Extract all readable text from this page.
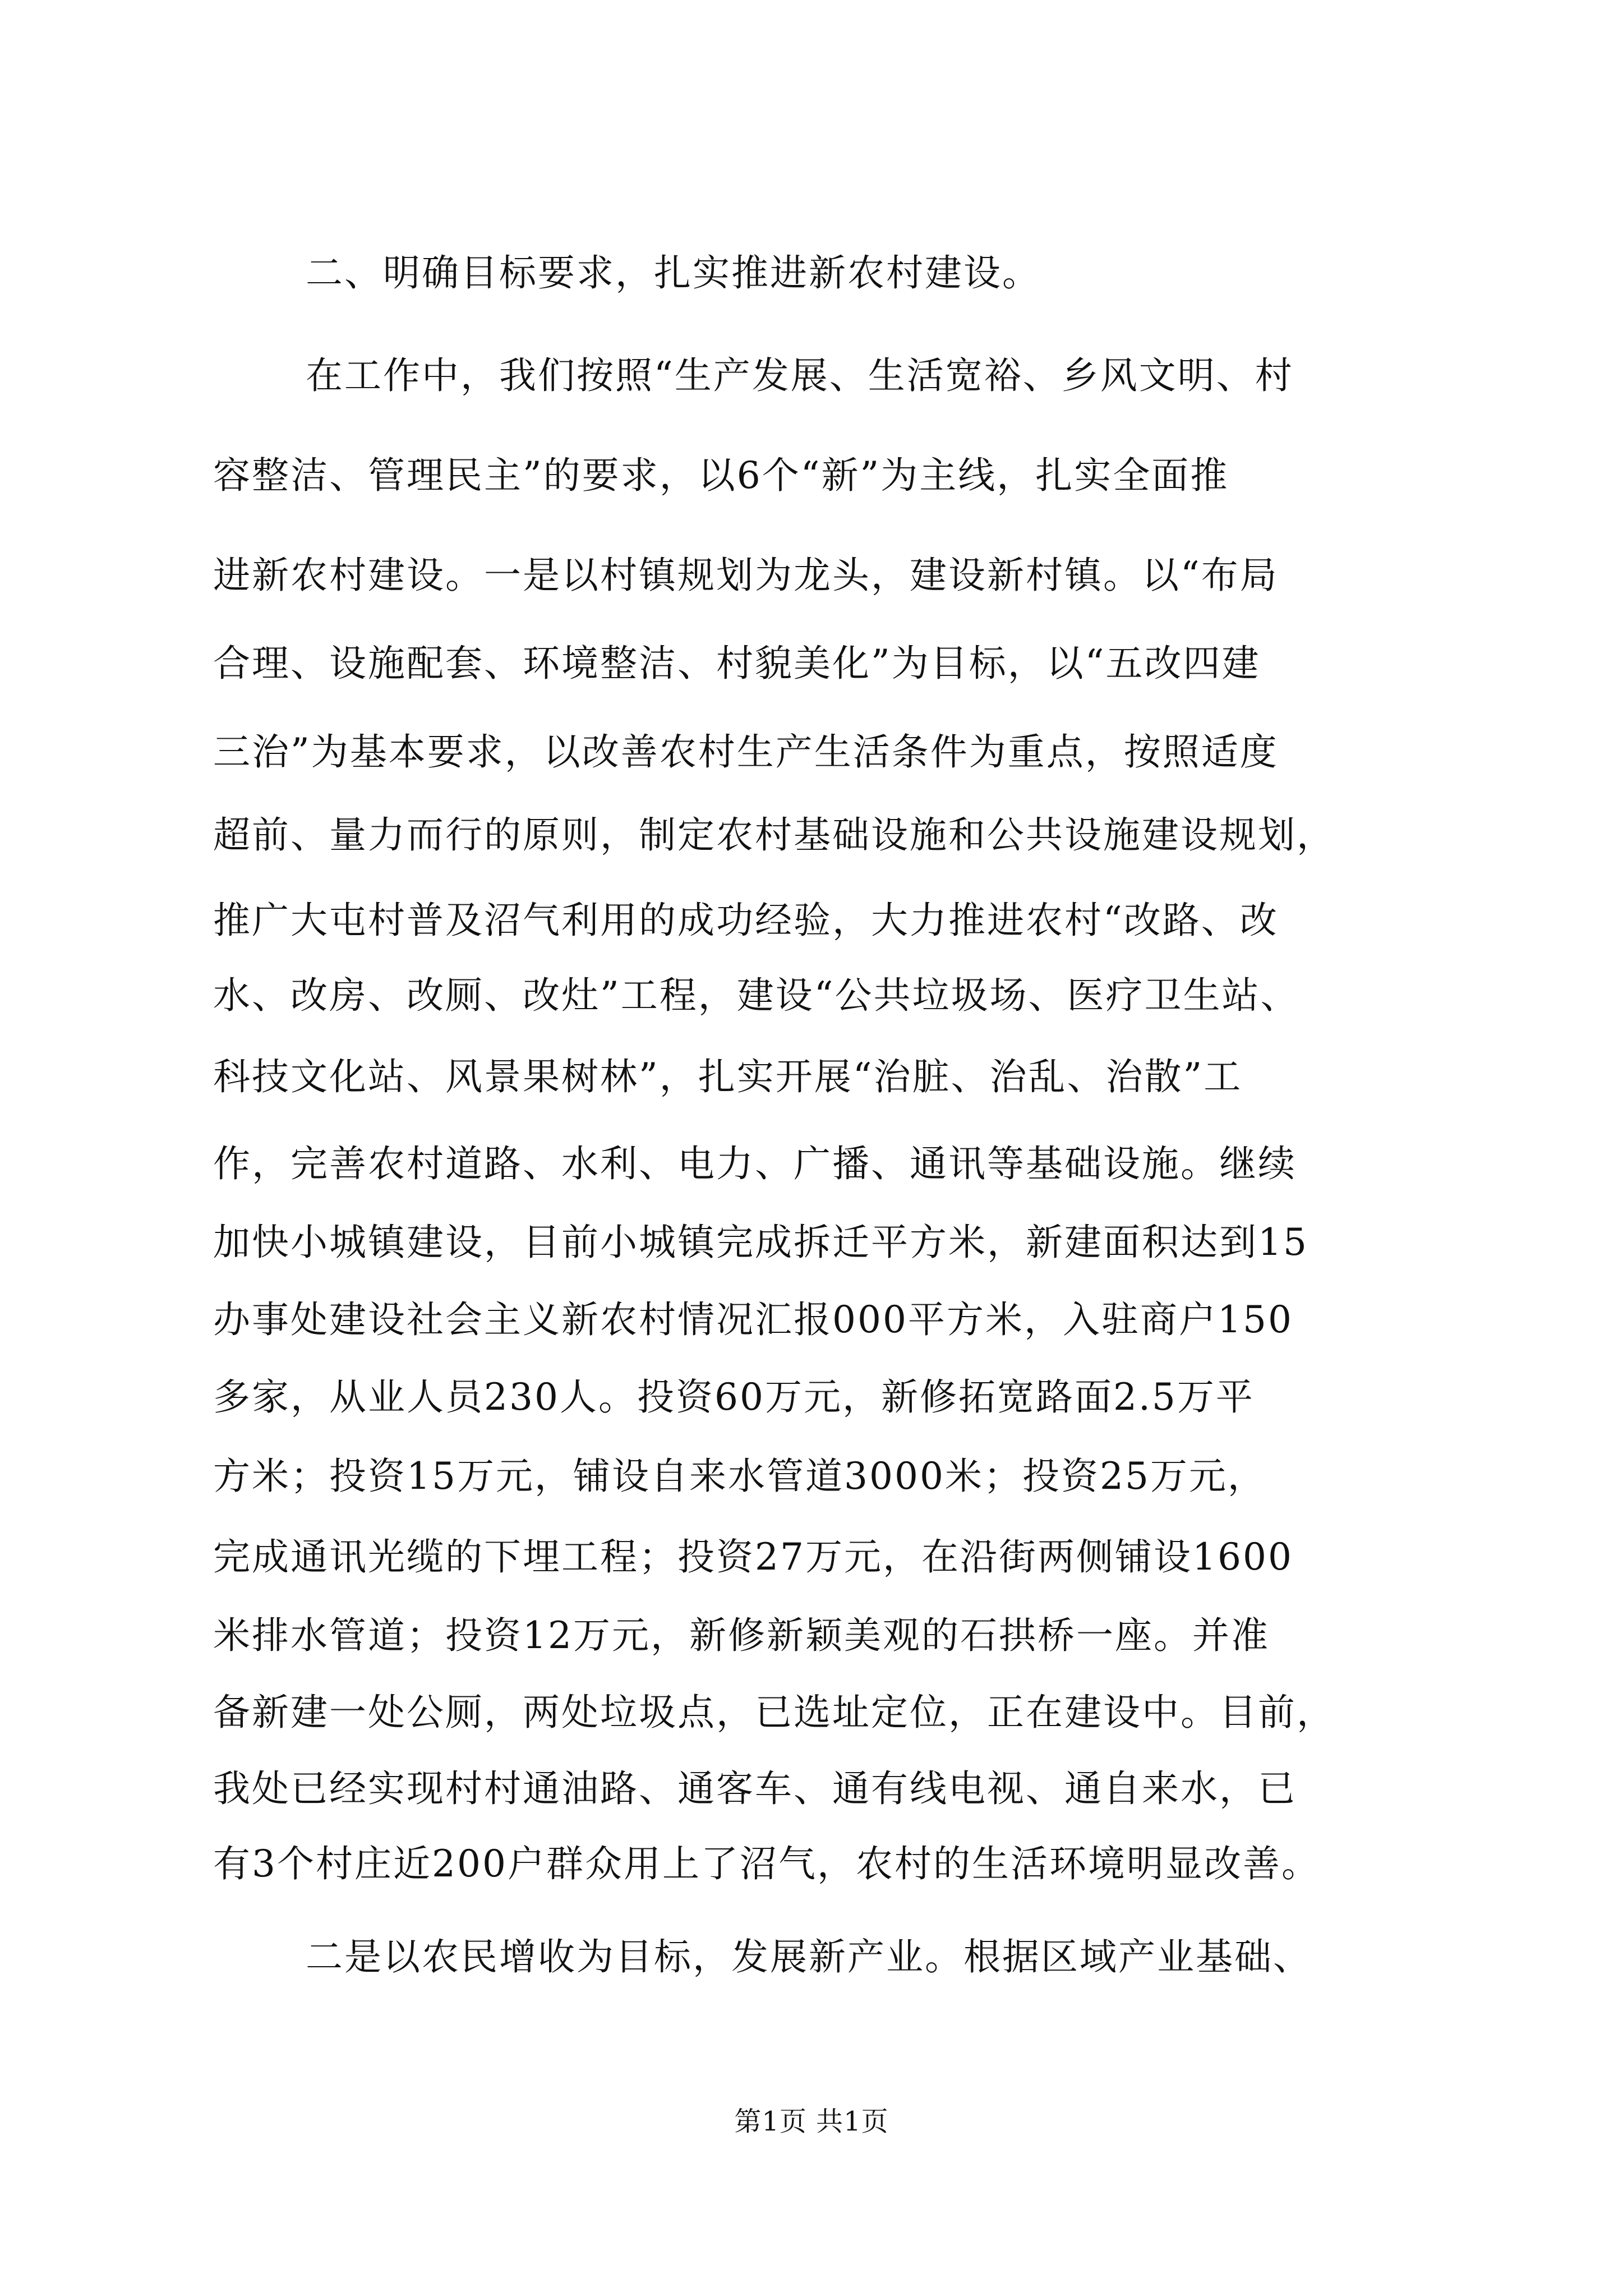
二、明确目标要求，扎实推进新农村建设。
在工作中，我们按照“生产发展、生活宽裕、乡风文明、村
容整洁、管理民主”的要求，以6个“新”为主线，扎实全面推
进新农村建设。一是以村镇规划为龙头，建设新村镇。以“布局
合理、设施配套、环境整洁、村貌美化”为目标，以“五改四建
三治”为基本要求，以改善农村生产生活条件为重点，按照适度
超前、量力而行的原则，制定农村基础设施和公共设施建设规划，
推广大屯村普及沼气利用的成功经验，大力推进农村“改路、改
水、改房、改厕、改灶”工程，建设“公共垃圾场、医疗卫生站、
科技文化站、风景果树林”，扎实开展“治脏、治乱、治散”工
作，完善农村道路、水利、电力、广播、通讯等基础设施。继续
加快小城镇建设，目前小城镇完成拆迁平方米，新建面积达到15
办事处建设社会主义新农村情况汇报000平方米，入驻商户150
多家，从业人员230人。投资60万元，新修拓宽路面2.5万平
方米；投资15万元，铺设自来水管道3000米；投资25万元，
完成通讯光缆的下埋工程；投资27万元，在沿街两侧铺设1600
米排水管道；投资12万元，新修新颖美观的石拱桥一座。并准
备新建一处公厕，两处垃圾点，已选址定位，正在建设中。目前，
我处已经实现村村通油路、通客车、通有线电视、通自来水，已
有3个村庄近200户群众用上了沼气，农村的生活环境明显改善。
二是以农民增收为目标，发展新产业。根据区域产业基础、
第1页 共1页
